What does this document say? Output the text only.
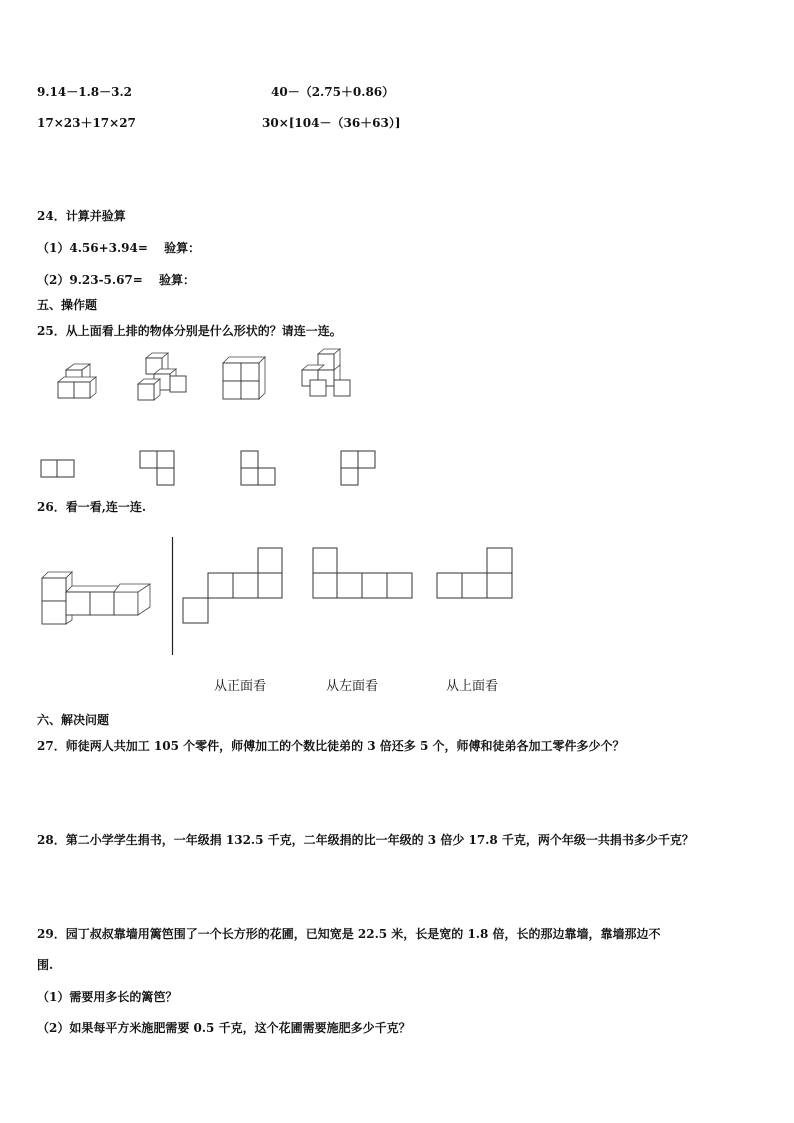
9.14－1.8－3.2	40－（2.75＋0.86）
17×23＋17×27	30×[104－（36＋63）]
24．计算并验算
（1）4.56+3.94=　 验算：
（2）9.23-5.67=　 验算：
五、操作题
25．从上面看上排的物体分别是什么形状的？请连一连。
26．看一看,连一连.
从正面看	从左面看	从上面看
六、解决问题
27．师徒两人共加工 105 个零件，师傅加工的个数比徒弟的 3 倍还多 5 个，师傅和徒弟各加工零件多少个？
28．第二小学学生捐书，一年级捐 132.5 千克，二年级捐的比一年级的 3 倍少 17.8 千克，两个年级一共捐书多少千克？
29．园丁叔叔靠墙用篱笆围了一个长方形的花圃，已知宽是 22.5 米，长是宽的 1.8 倍，长的那边靠墙，靠墙那边不
围.
（1）需要用多长的篱笆？
（2）如果每平方米施肥需要 0.5 千克，这个花圃需要施肥多少千克？
